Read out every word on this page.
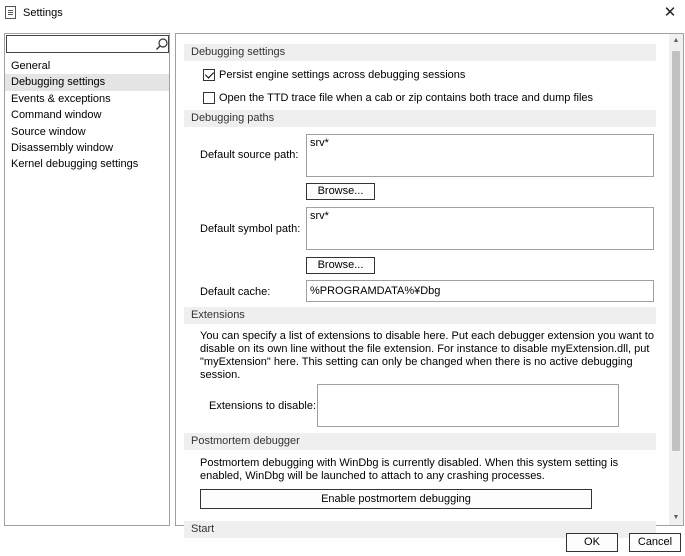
Settings	✕
General
Debugging settings
Events & exceptions
Command window
Source window
Disassembly window
Kernel debugging settings
Debugging settings
Persist engine settings across debugging sessions
Open the TTD trace file when a cab or zip contains both trace and dump files
Debugging paths
Default source path:
srv*
Browse...
Default symbol path:
srv*
Browse...
Default cache:	%PROGRAMDATA%¥Dbg
Extensions
You can specify a list of extensions to disable here. Put each debugger extension you want to
disable on its own line without the file extension. For instance to disable myExtension.dll, put
"myExtension" here. This setting can only be changed when there is no active debugging
session.
Extensions to disable:
Postmortem debugger
Postmortem debugging with WinDbg is currently disabled. When this system setting is
enabled, WinDbg will be launched to attach to any crashing processes.
Enable postmortem debugging
Start
▲
▼
OK	Cancel
